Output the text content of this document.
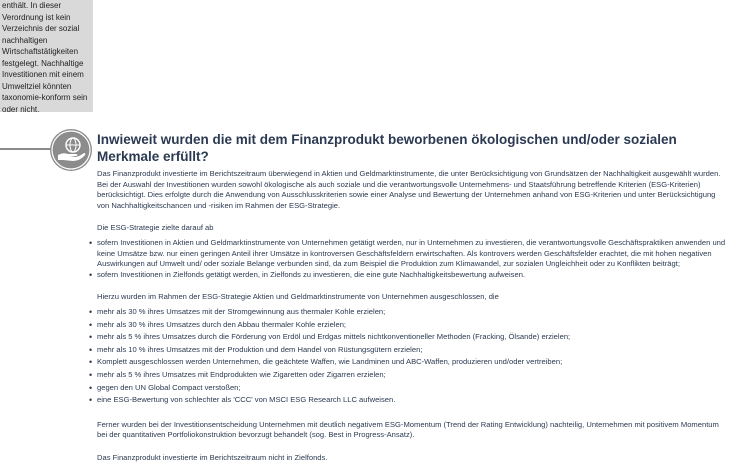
enthält. In dieser Verordnung ist kein Verzeichnis der sozial nachhaltigen Wirtschaftstätigkeiten festgelegt. Nachhaltige Investitionen mit einem Umweltziel könnten taxonomie-konform sein oder nicht.
Inwieweit wurden die mit dem Finanzprodukt beworbenen ökologischen und/oder sozialen Merkmale erfüllt?

Das Finanzprodukt investierte im Berichtszeitraum überwiegend in Aktien und Geldmarktinstrumente, die unter Berücksichtigung von Grundsätzen der Nachhaltigkeit ausgewählt wurden. Bei der Auswahl der Investitionen wurden sowohl ökologische als auch soziale und die verantwortungsvolle Unternehmens- und Staatsführung betreffende Kriterien (ESG-Kriterien) berücksichtigt. Dies erfolgte durch die Anwendung von Ausschlusskriterien sowie einer Analyse und Bewertung der Unternehmen anhand von ESG-Kriterien und unter Berücksichtigung von Nachhaltigkeitschancen und -risiken im Rahmen der ESG-Strategie.

Die ESG-Strategie zielte darauf ab

• sofern Investitionen in Aktien und Geldmarktinstrumente von Unternehmen getätigt werden, nur in Unternehmen zu investieren, die verantwortungsvolle Geschäftspraktiken anwenden und keine Umsätze bzw. nur einen geringen Anteil ihrer Umsätze in kontroversen Geschäftsfeldern erwirtschaften. Als kontrovers werden Geschäftsfelder erachtet, die mit hohen negativen Auswirkungen auf Umwelt und/ oder soziale Belange verbunden sind, da zum Beispiel die Produktion zum Klimawandel, zur sozialen Ungleichheit oder zu Konflikten beiträgt;
• sofern Investitionen in Zielfonds getätigt werden, in Zielfonds zu investieren, die eine gute Nachhaltigkeitsbewertung aufweisen.

Hierzu wurden im Rahmen der ESG-Strategie Aktien und Geldmarktinstrumente von Unternehmen ausgeschlossen, die

• mehr als 30 % ihres Umsatzes mit der Stromgewinnung aus thermaler Kohle erzielen;
• mehr als 30 % ihres Umsatzes durch den Abbau thermaler Kohle erzielen;
• mehr als 5 % ihres Umsatzes durch die Förderung von Erdöl und Erdgas mittels nichtkonventioneller Methoden (Fracking, Ölsande) erzielen;
• mehr als 10 % ihres Umsatzes mit der Produktion und dem Handel von Rüstungsgütern erzielen;
• Komplett ausgeschlossen werden Unternehmen, die geächtete Waffen, wie Landminen und ABC-Waffen, produzieren und/oder vertreiben;
• mehr als 5 % ihres Umsatzes mit Endprodukten wie Zigaretten oder Zigarren erzielen;
• gegen den UN Global Compact verstoßen;
• eine ESG-Bewertung von schlechter als 'CCC' von MSCI ESG Research LLC aufweisen.

Ferner wurden bei der Investitionsentscheidung Unternehmen mit deutlich negativem ESG-Momentum (Trend der Rating Entwicklung) nachteilig, Unternehmen mit positivem Momentum bei der quantitativen Portfoliokonstruktion bevorzugt behandelt (sog. Best in Progress-Ansatz).

Das Finanzprodukt investierte im Berichtszeitraum nicht in Zielfonds.
